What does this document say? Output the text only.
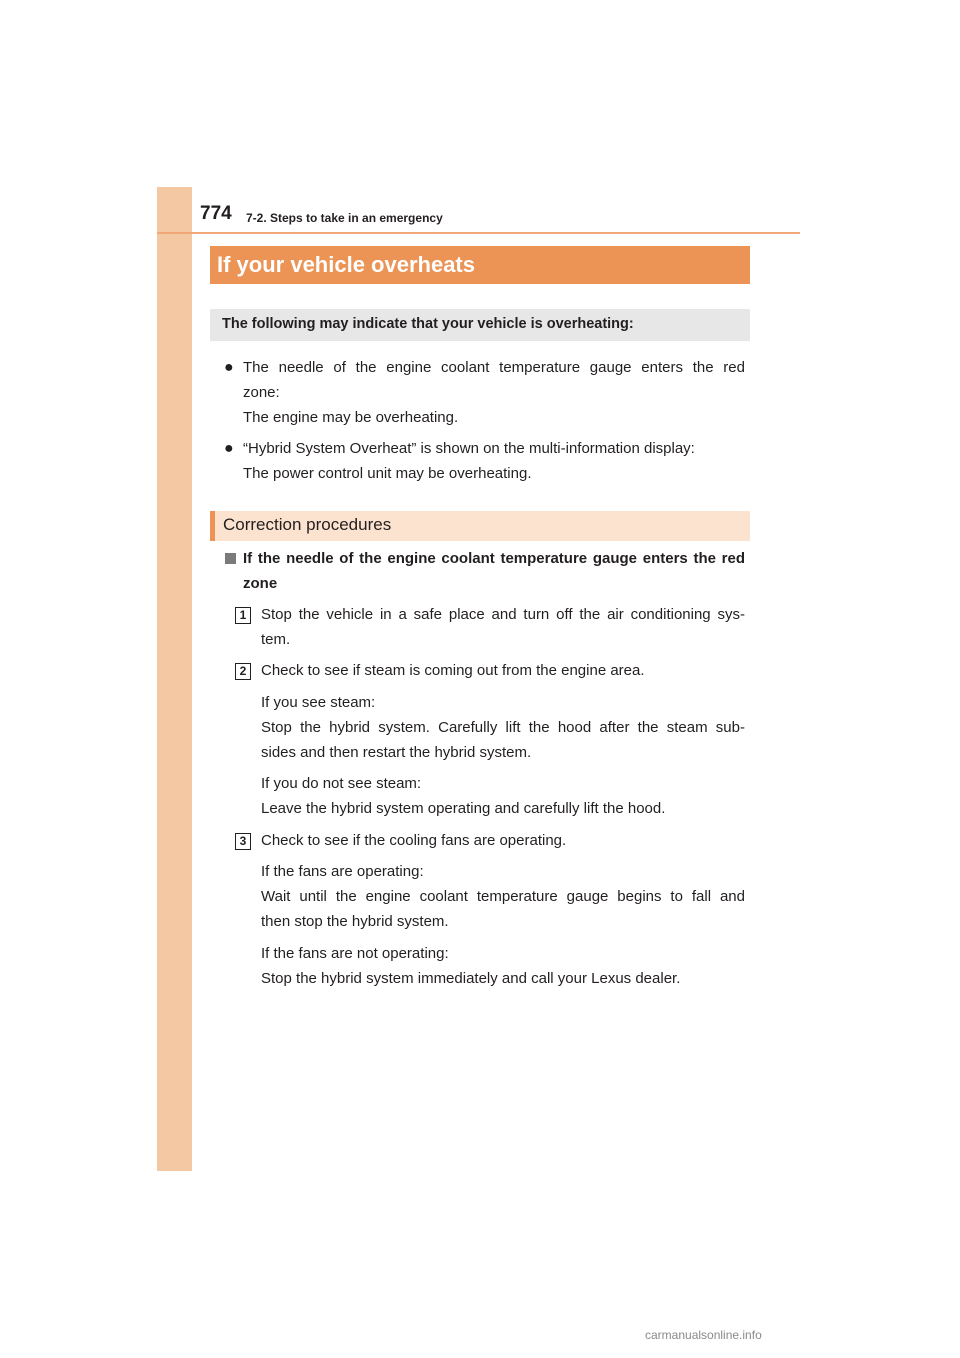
774 7-2. Steps to take in an emergency
If your vehicle overheats
The following may indicate that your vehicle is overheating:
● The needle of the engine coolant temperature gauge enters the red
zone:
The engine may be overheating.
● “Hybrid System Overheat” is shown on the multi-information display:
The power control unit may be overheating.
Correction procedures
If the needle of the engine coolant temperature gauge enters the red
zone
1 Stop the vehicle in a safe place and turn off the air conditioning sys-
tem.
2 Check to see if steam is coming out from the engine area.
If you see steam:
Stop the hybrid system. Carefully lift the hood after the steam sub-
sides and then restart the hybrid system.
If you do not see steam:
Leave the hybrid system operating and carefully lift the hood.
3 Check to see if the cooling fans are operating.
If the fans are operating:
Wait until the engine coolant temperature gauge begins to fall and
then stop the hybrid system.
If the fans are not operating:
Stop the hybrid system immediately and call your Lexus dealer.
carmanualsonline.info
